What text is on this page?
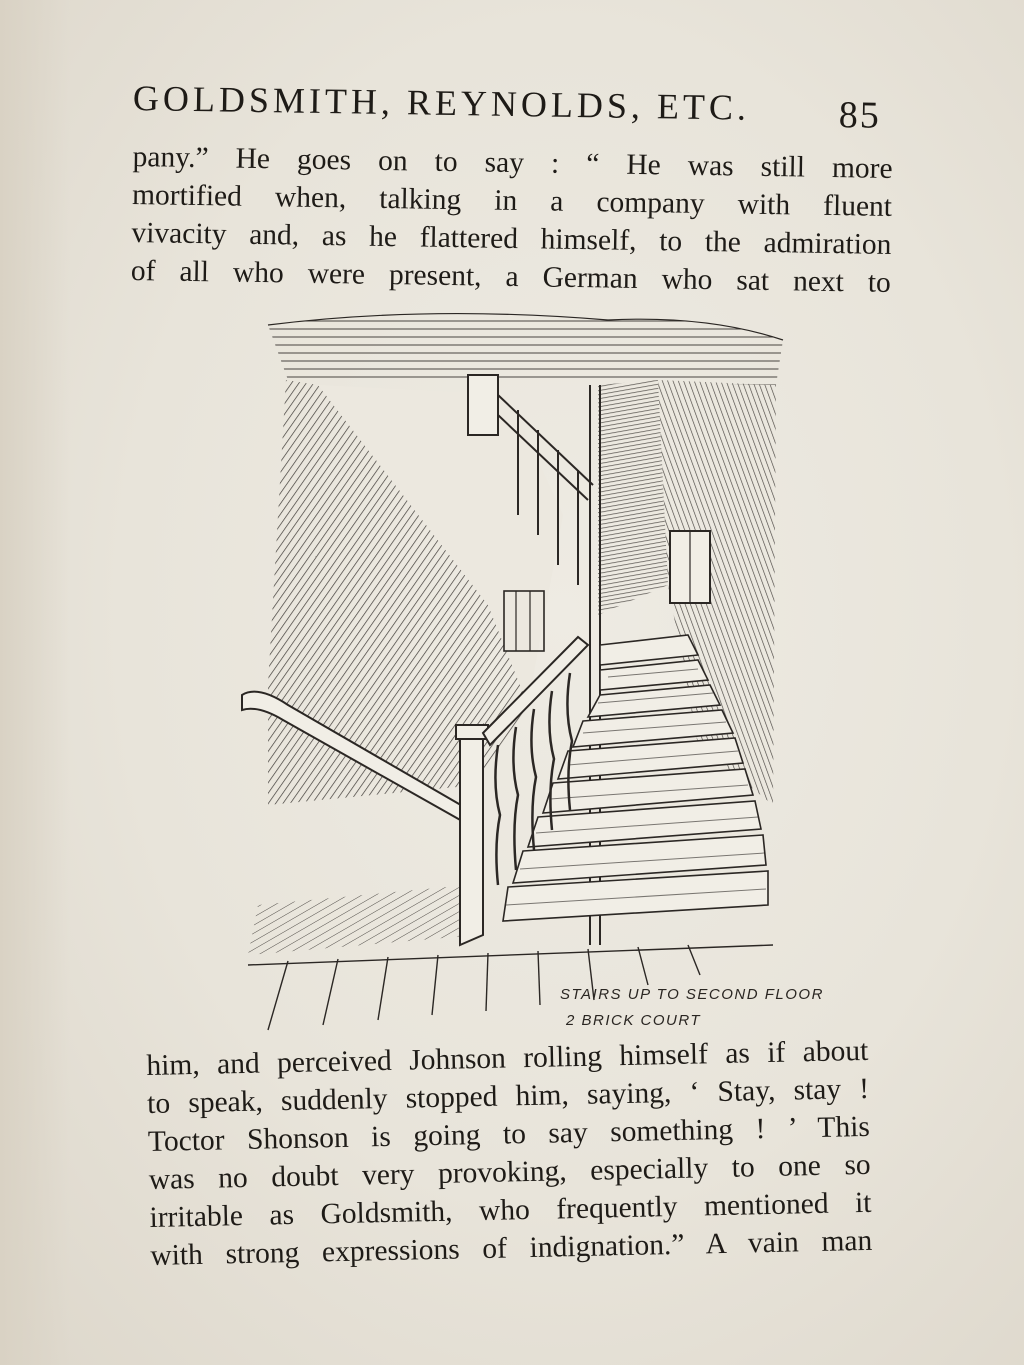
GOLDSMITH, REYNOLDS, ETC. 85
pany.” He goes on to say : “ He was still more
mortified when, talking in a company with fluent
vivacity and, as he flattered himself, to the admiration
of all who were present, a German who sat next to
STAIRS UP TO SECOND FLOOR
2 BRICK COURT
him, and perceived Johnson rolling himself as if about
to speak, suddenly stopped him, saying, ‘ Stay, stay !
Toctor Shonson is going to say something ! ’ This
was no doubt very provoking, especially to one so
irritable as Goldsmith, who frequently mentioned it
with strong expressions of indignation.” A vain man
